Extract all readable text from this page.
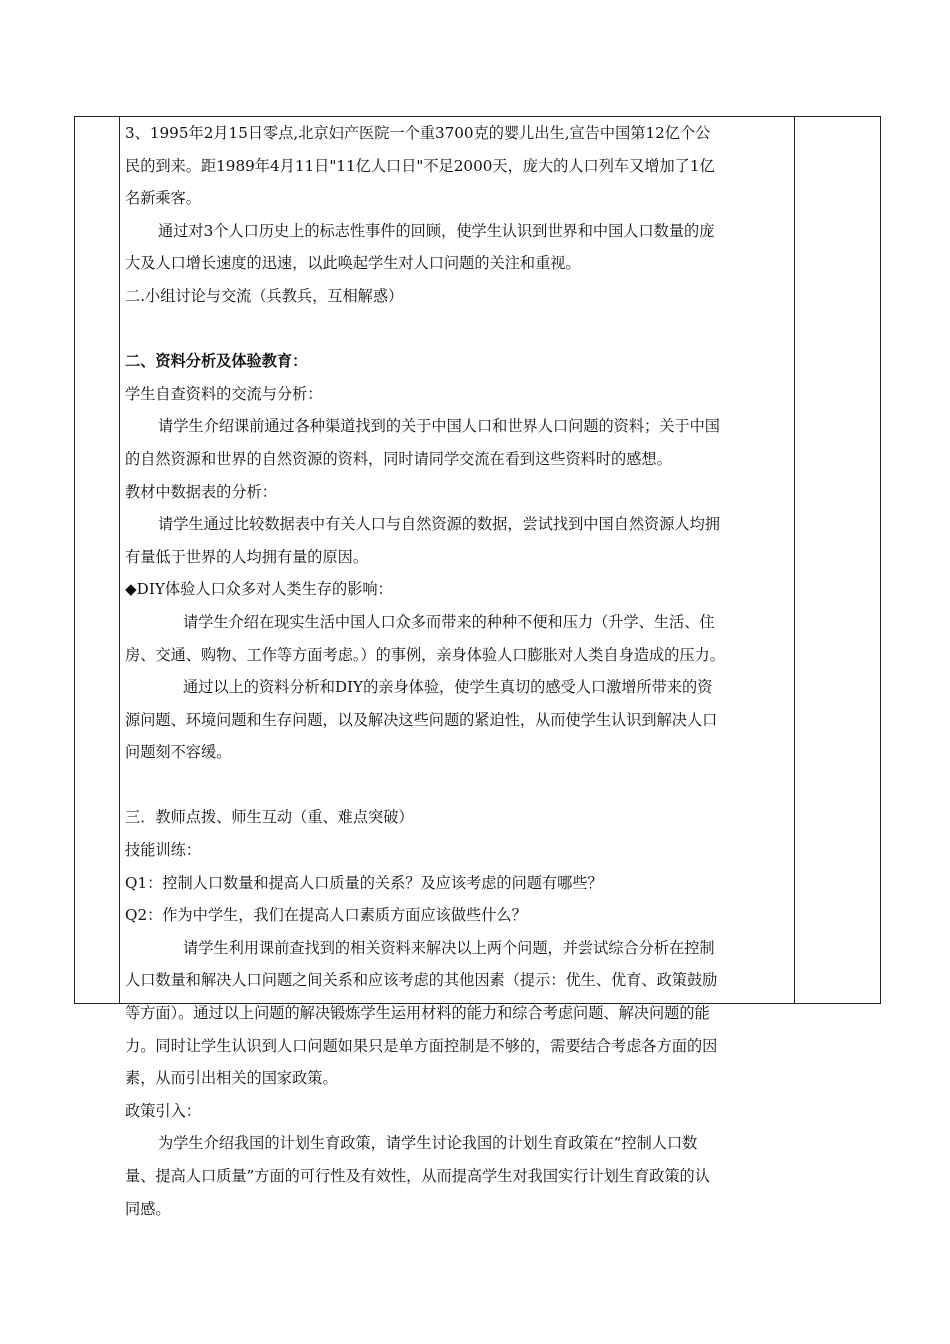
3、1995年2月15日零点,北京妇产医院一个重3700克的婴儿出生,宣告中国第12亿个公

民的到来。距1989年4月11日"11亿人口日"不足2000天，庞大的人口列车又增加了1亿

名新乘客。

通过对3个人口历史上的标志性事件的回顾，使学生认识到世界和中国人口数量的庞

大及人口增长速度的迅速，以此唤起学生对人口问题的关注和重视。

二.小组讨论与交流（兵教兵，互相解惑）

二、资料分析及体验教育：

学生自查资料的交流与分析：

请学生介绍课前通过各种渠道找到的关于中国人口和世界人口问题的资料；关于中国

的自然资源和世界的自然资源的资料，同时请同学交流在看到这些资料时的感想。

教材中数据表的分析：

请学生通过比较数据表中有关人口与自然资源的数据，尝试找到中国自然资源人均拥

有量低于世界的人均拥有量的原因。

◆DIY体验人口众多对人类生存的影响：

请学生介绍在现实生活中国人口众多而带来的种种不便和压力（升学、生活、住

房、交通、购物、工作等方面考虑。）的事例，亲身体验人口膨胀对人类自身造成的压力。

通过以上的资料分析和DIY的亲身体验，使学生真切的感受人口激增所带来的资

源问题、环境问题和生存问题，以及解决这些问题的紧迫性，从而使学生认识到解决人口

问题刻不容缓。

三．教师点拨、师生互动（重、难点突破）

技能训练：

Q1：控制人口数量和提高人口质量的关系？及应该考虑的问题有哪些？

Q2：作为中学生，我们在提高人口素质方面应该做些什么？

请学生利用课前查找到的相关资料来解决以上两个问题，并尝试综合分析在控制

人口数量和解决人口问题之间关系和应该考虑的其他因素（提示：优生、优育、政策鼓励

等方面）。通过以上问题的解决锻炼学生运用材料的能力和综合考虑问题、解决问题的能

力。同时让学生认识到人口问题如果只是单方面控制是不够的，需要结合考虑各方面的因

素，从而引出相关的国家政策。

政策引入：

为学生介绍我国的计划生育政策，请学生讨论我国的计划生育政策在“控制人口数

量、提高人口质量”方面的可行性及有效性，从而提高学生对我国实行计划生育政策的认

同感。
